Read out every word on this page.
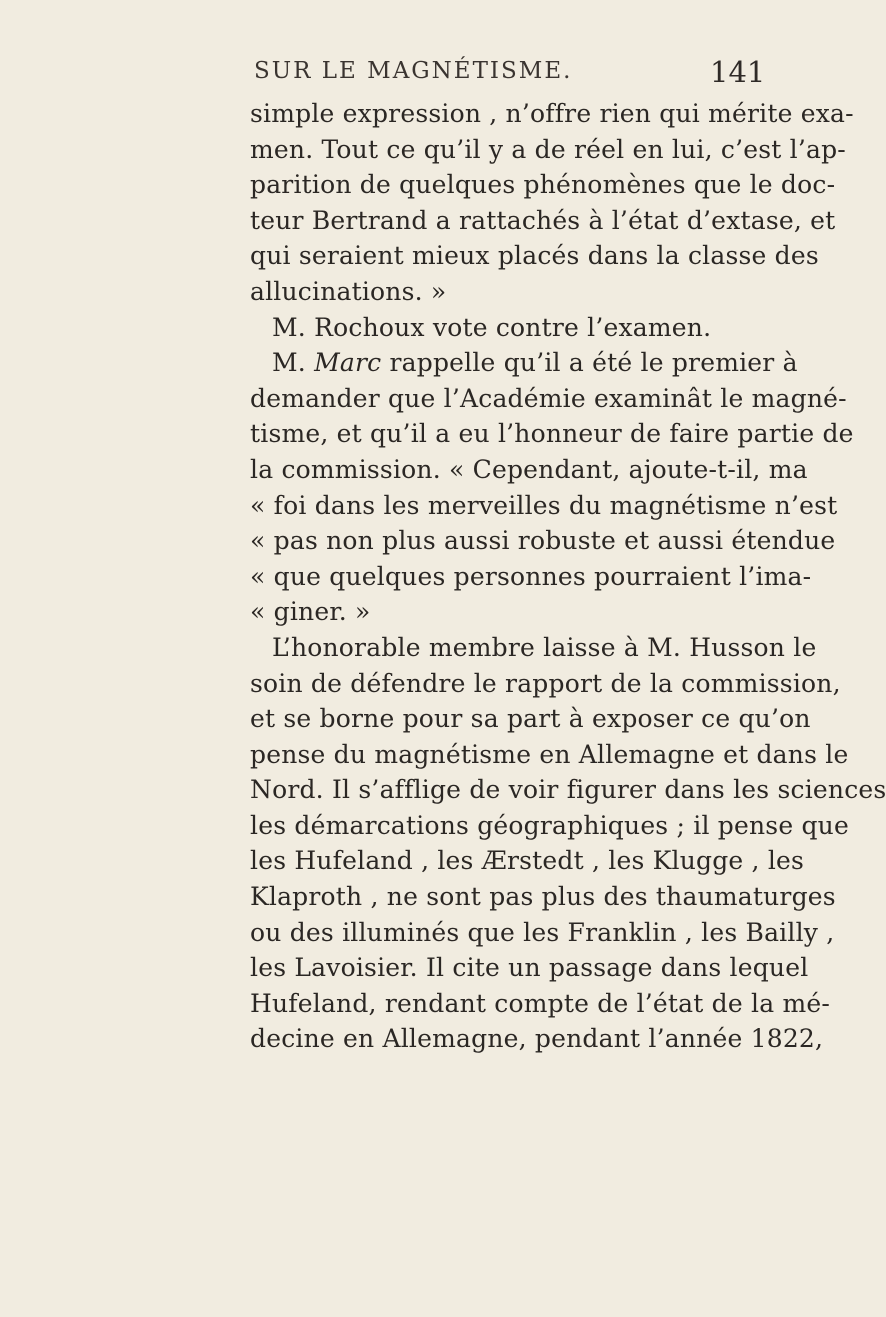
SUR LE MAGNÉTISME.	141
simple expression , n’offre rien qui mérite exa-
men. Tout ce qu’il y a de réel en lui, c’est l’ap-
parition de quelques phénomènes que le doc-
teur Bertrand a rattachés à l’état d’extase, et
qui seraient mieux placés dans la classe des
allucinations. »
M. Rochoux vote contre l’examen.
M. Marc rappelle qu’il a été le premier à
demander que l’Académie examinât le magné-
tisme, et qu’il a eu l’honneur de faire partie de
la commission. « Cependant, ajoute-t-il, ma
« foi dans les merveilles du magnétisme n’est
« pas non plus aussi robuste et aussi étendue
« que quelques personnes pourraient l’ima-
« giner. »
L’honorable membre laisse à M. Husson le
soin de défendre le rapport de la commission,
et se borne pour sa part à exposer ce qu’on
pense du magnétisme en Allemagne et dans le
Nord. Il s’afflige de voir figurer dans les sciences
les démarcations géographiques ; il pense que
les Hufeland , les Ærstedt , les Klugge , les
Klaproth , ne sont pas plus des thaumaturges
ou des illuminés que les Franklin , les Bailly ,
les Lavoisier. Il cite un passage dans lequel
Hufeland, rendant compte de l’état de la mé-
decine en Allemagne, pendant l’année 1822,
